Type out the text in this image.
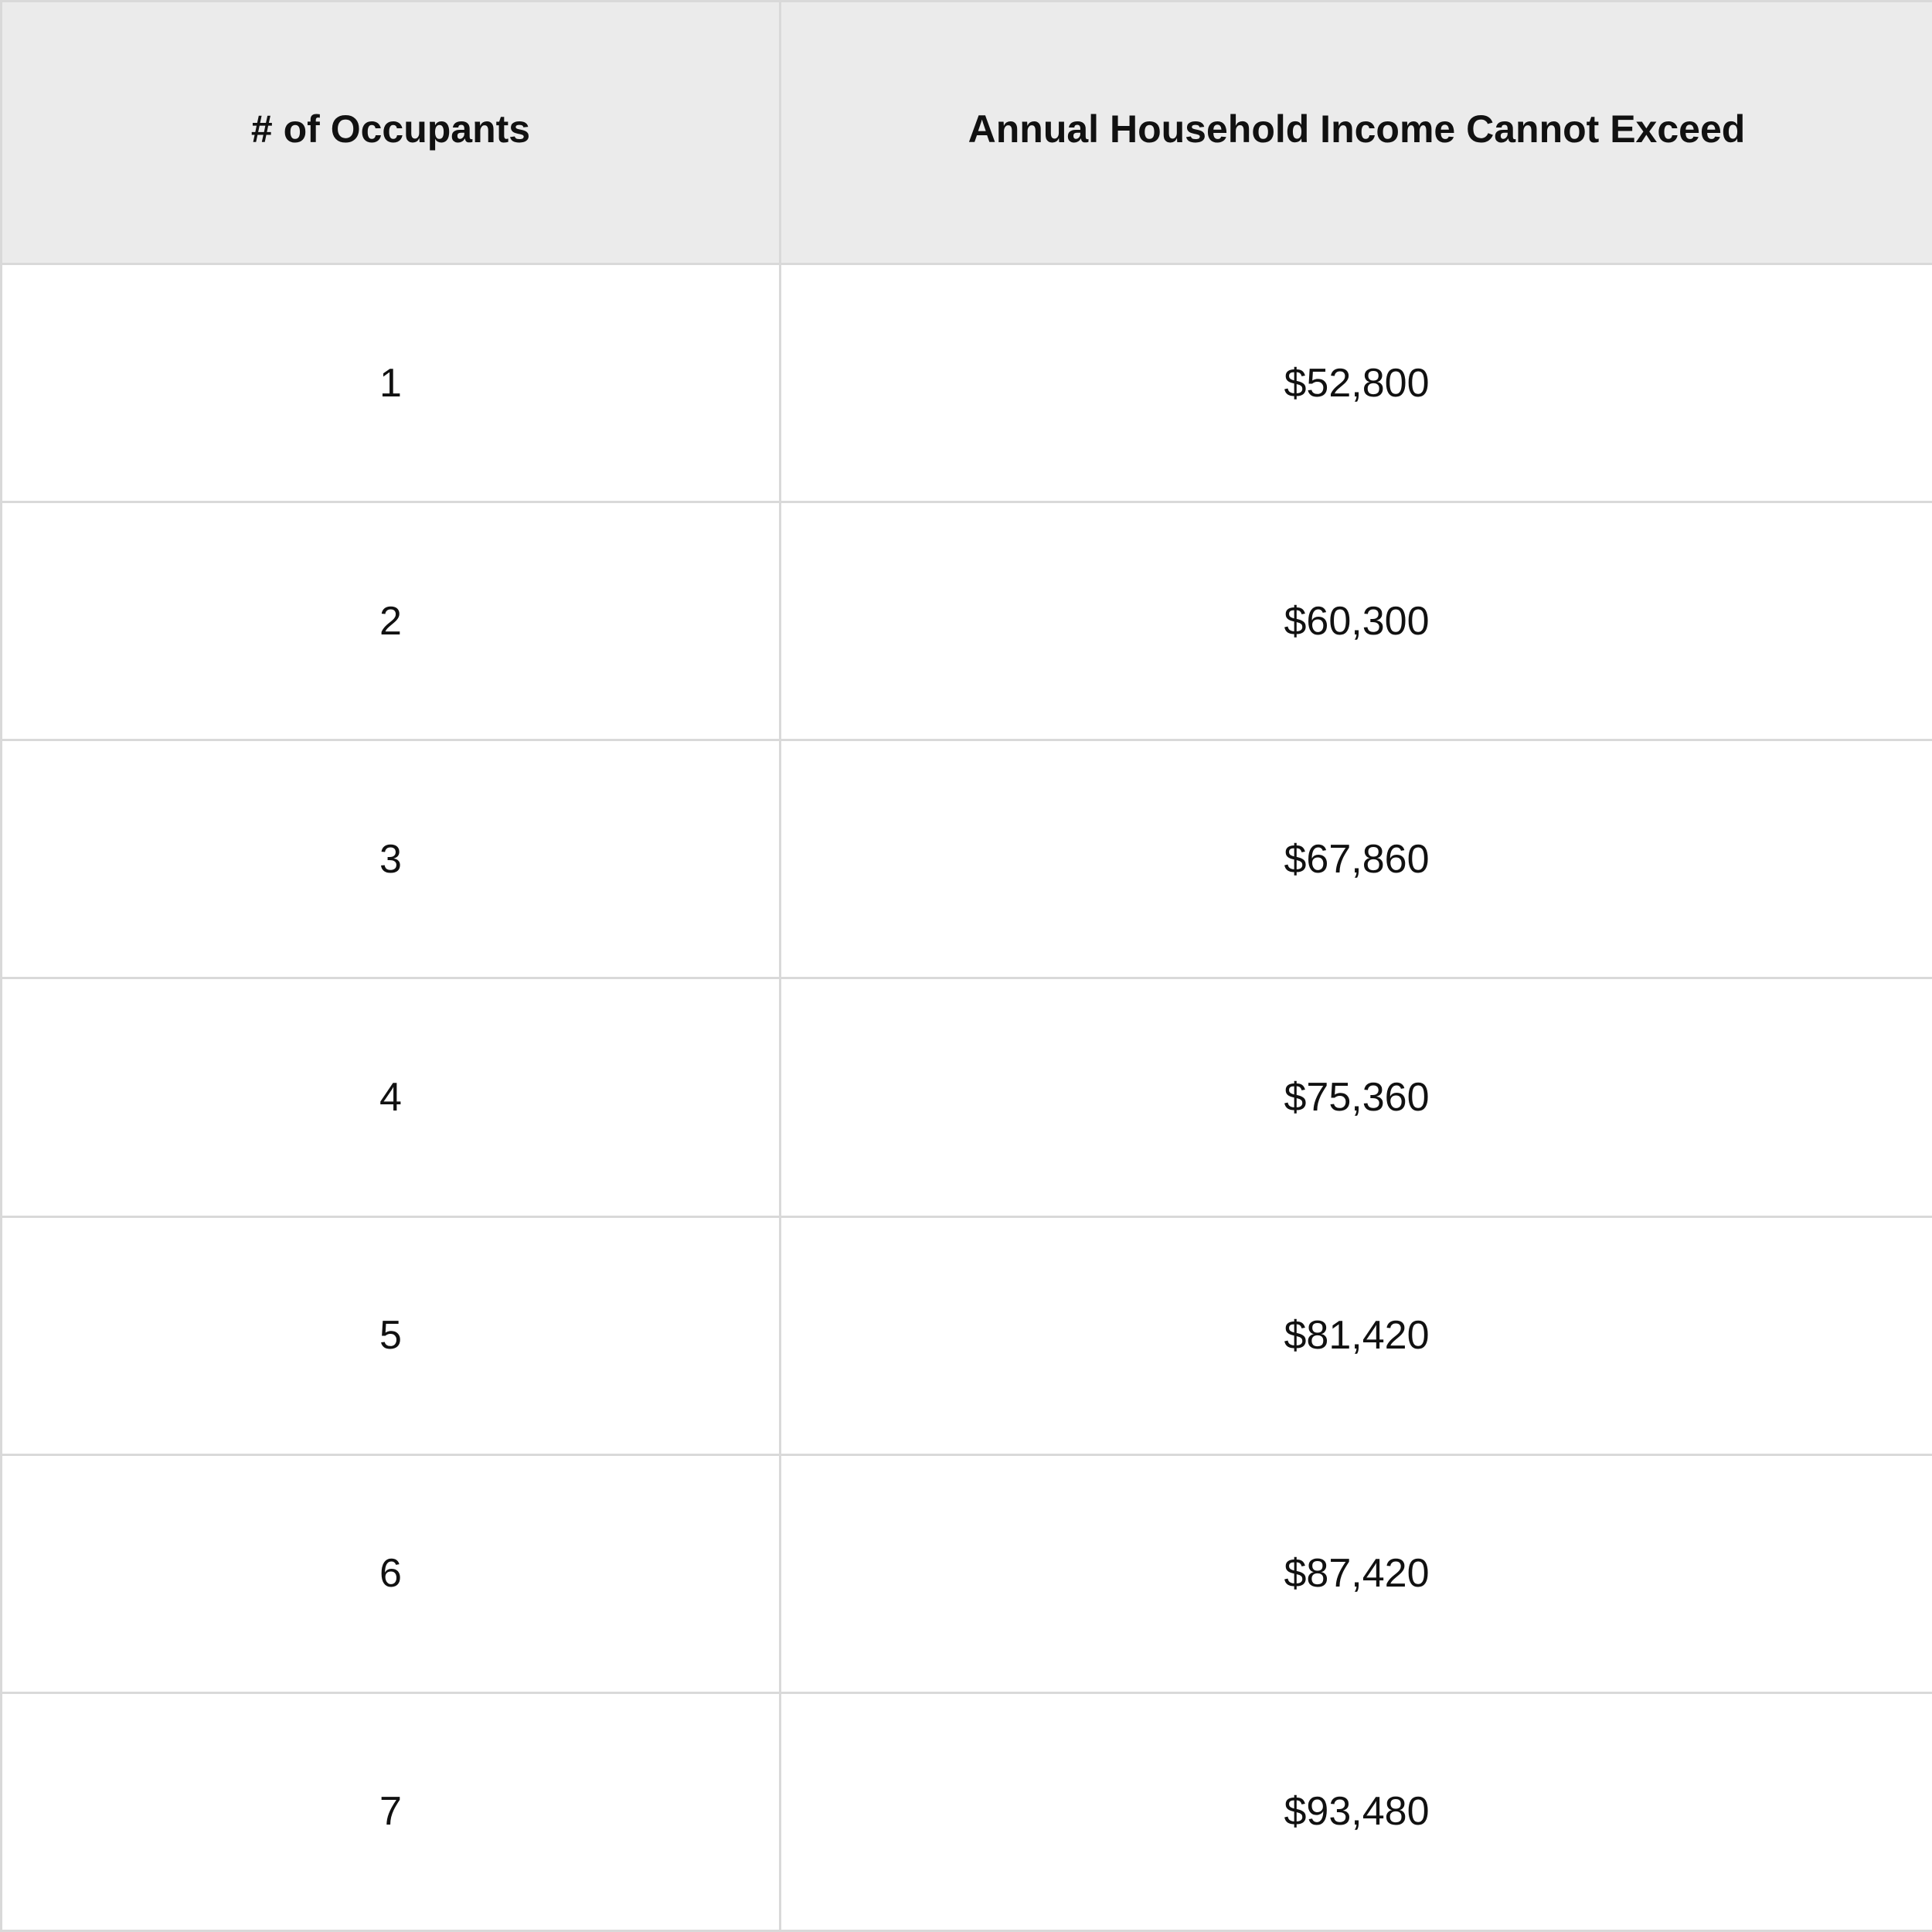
# of Occupants	Annual Household Income Cannot Exceed
1	$52,800
2	$60,300
3	$67,860
4	$75,360
5	$81,420
6	$87,420
7	$93,480
